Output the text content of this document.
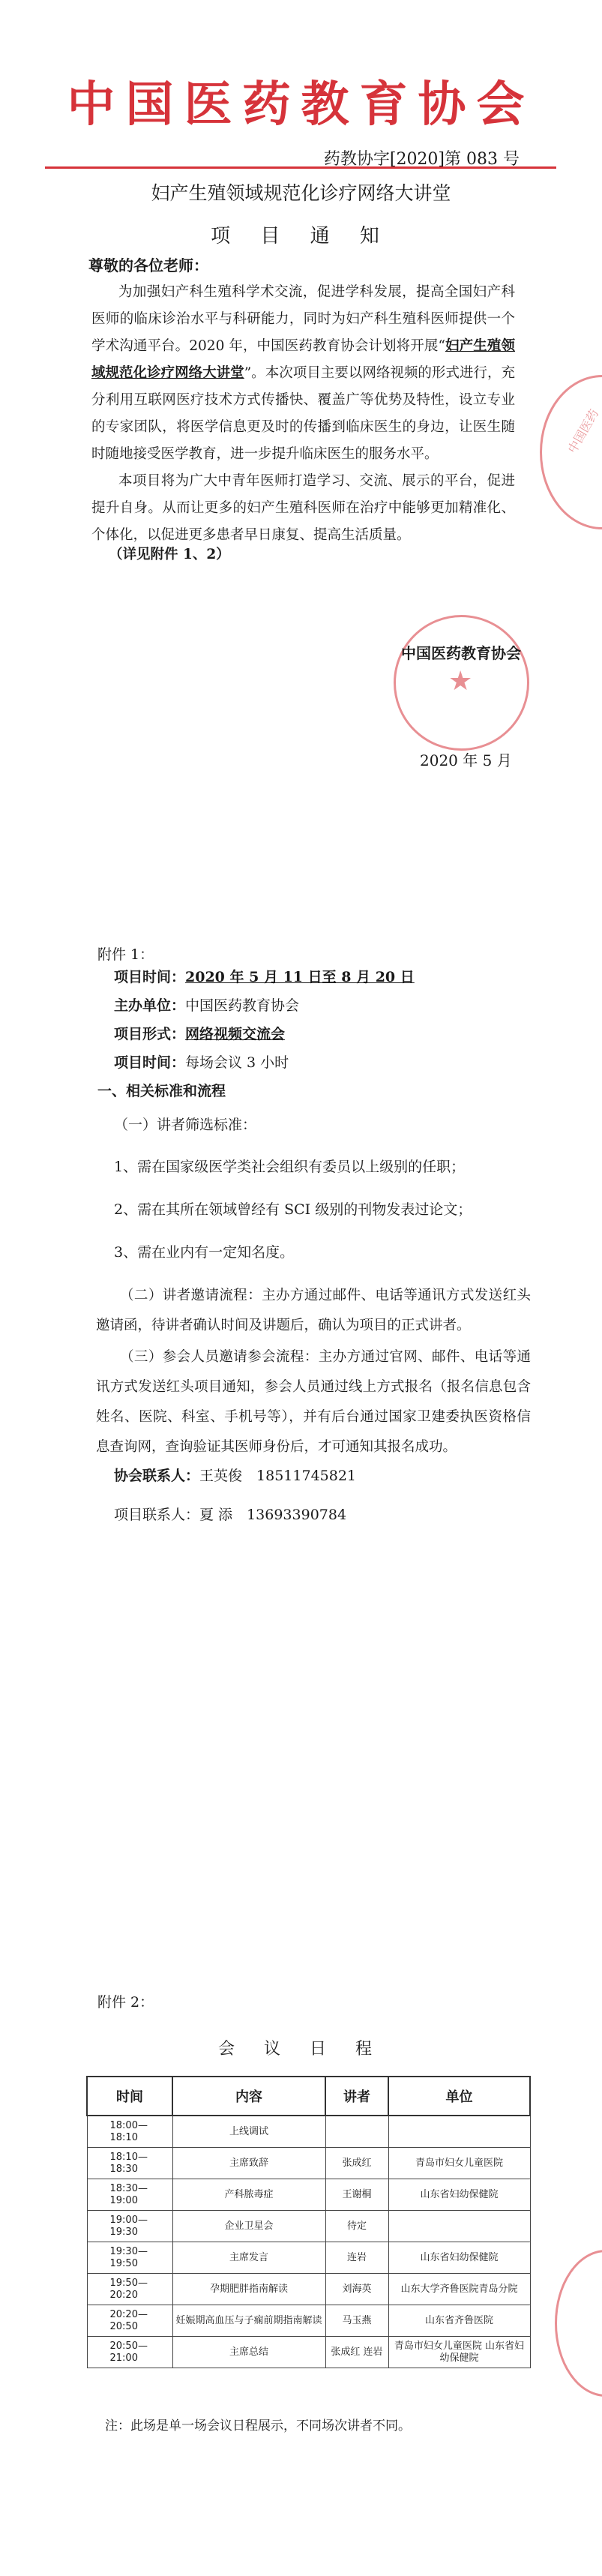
中国医药教育协会
药教协字[2020]第 083 号
妇产生殖领域规范化诊疗网络大讲堂
项 目 通 知
尊敬的各位老师：
为加强妇产科生殖科学术交流，促进学科发展，提高全国妇产科医师的临床诊治水平与科研能力，同时为妇产科生殖科医师提供一个学术沟通平台。2020 年，中国医药教育协会计划将开展“妇产生殖领域规范化诊疗网络大讲堂”。本次项目主要以网络视频的形式进行，充分利用互联网医疗技术方式传播快、覆盖广等优势及特性，设立专业的专家团队，将医学信息更及时的传播到临床医生的身边，让医生随时随地接受医学教育，进一步提升临床医生的服务水平。
本项目将为广大中青年医师打造学习、交流、展示的平台，促进提升自身。从而让更多的妇产生殖科医师在治疗中能够更加精准化、个体化，以促进更多患者早日康复、提高生活质量。
（详见附件 1、2）
中国医药
★
中国医药教育协会
2020 年 5 月
附件 1：
项目时间：2020 年 5 月 11 日至 8 月 20 日
主办单位：中国医药教育协会
项目形式：网络视频交流会
项目时间：每场会议 3 小时
一、相关标准和流程
（一）讲者筛选标准：
1、需在国家级医学类社会组织有委员以上级别的任职；
2、需在其所在领域曾经有 SCI 级别的刊物发表过论文；
3、需在业内有一定知名度。
（二）讲者邀请流程：主办方通过邮件、电话等通讯方式发送红头邀请函，待讲者确认时间及讲题后，确认为项目的正式讲者。
（三）参会人员邀请参会流程：主办方通过官网、邮件、电话等通讯方式发送红头项目通知，参会人员通过线上方式报名（报名信息包含姓名、医院、科室、手机号等），并有后台通过国家卫建委执医资格信息查询网，查询验证其医师身份后，才可通知其报名成功。
协会联系人：王英俊　 18511745821
项目联系人：夏 添　 13693390784
附件 2：
会 议 日 程
时间	内容	讲者	单位
18:00—18:10	上线调试		
18:10—18:30	主席致辞	张成红	青岛市妇女儿童医院
18:30—19:00	产科脓毒症	王谢桐	山东省妇幼保健院
19:00—19:30	企业卫星会	待定	
19:30—19:50	主席发言	连岩	山东省妇幼保健院
19:50—20:20	孕期肥胖指南解读	刘海英	山东大学齐鲁医院青岛分院
20:20—20:50	妊娠期高血压与子痫前期指南解读	马玉燕	山东省齐鲁医院
20:50—21:00	主席总结	张成红 连岩	青岛市妇女儿童医院 山东省妇幼保健院
注：此场是单一场会议日程展示，不同场次讲者不同。
